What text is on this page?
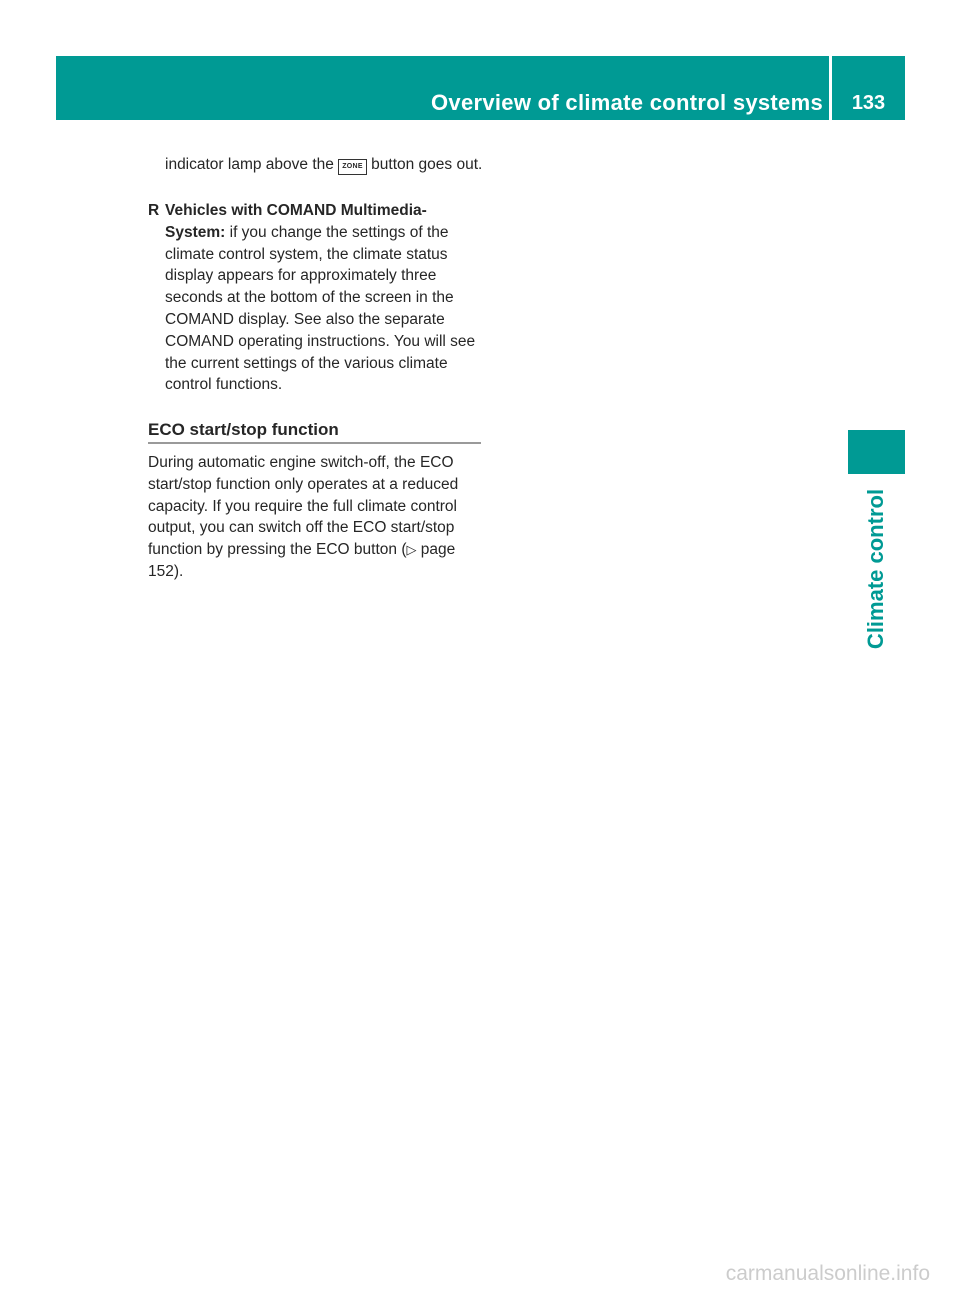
Overview of climate control systems	133
indicator lamp above the ZONE button goes out.
R Vehicles with COMAND Multimedia-System: if you change the settings of the climate control system, the climate status display appears for approximately three seconds at the bottom of the screen in the COMAND display. See also the separate COMAND operating instructions. You will see the current settings of the various climate control functions.
ECO start/stop function
During automatic engine switch-off, the ECO start/stop function only operates at a reduced capacity. If you require the full climate control output, you can switch off the ECO start/stop function by pressing the ECO button (▷ page 152).	Climate control
carmanualsonline.info
